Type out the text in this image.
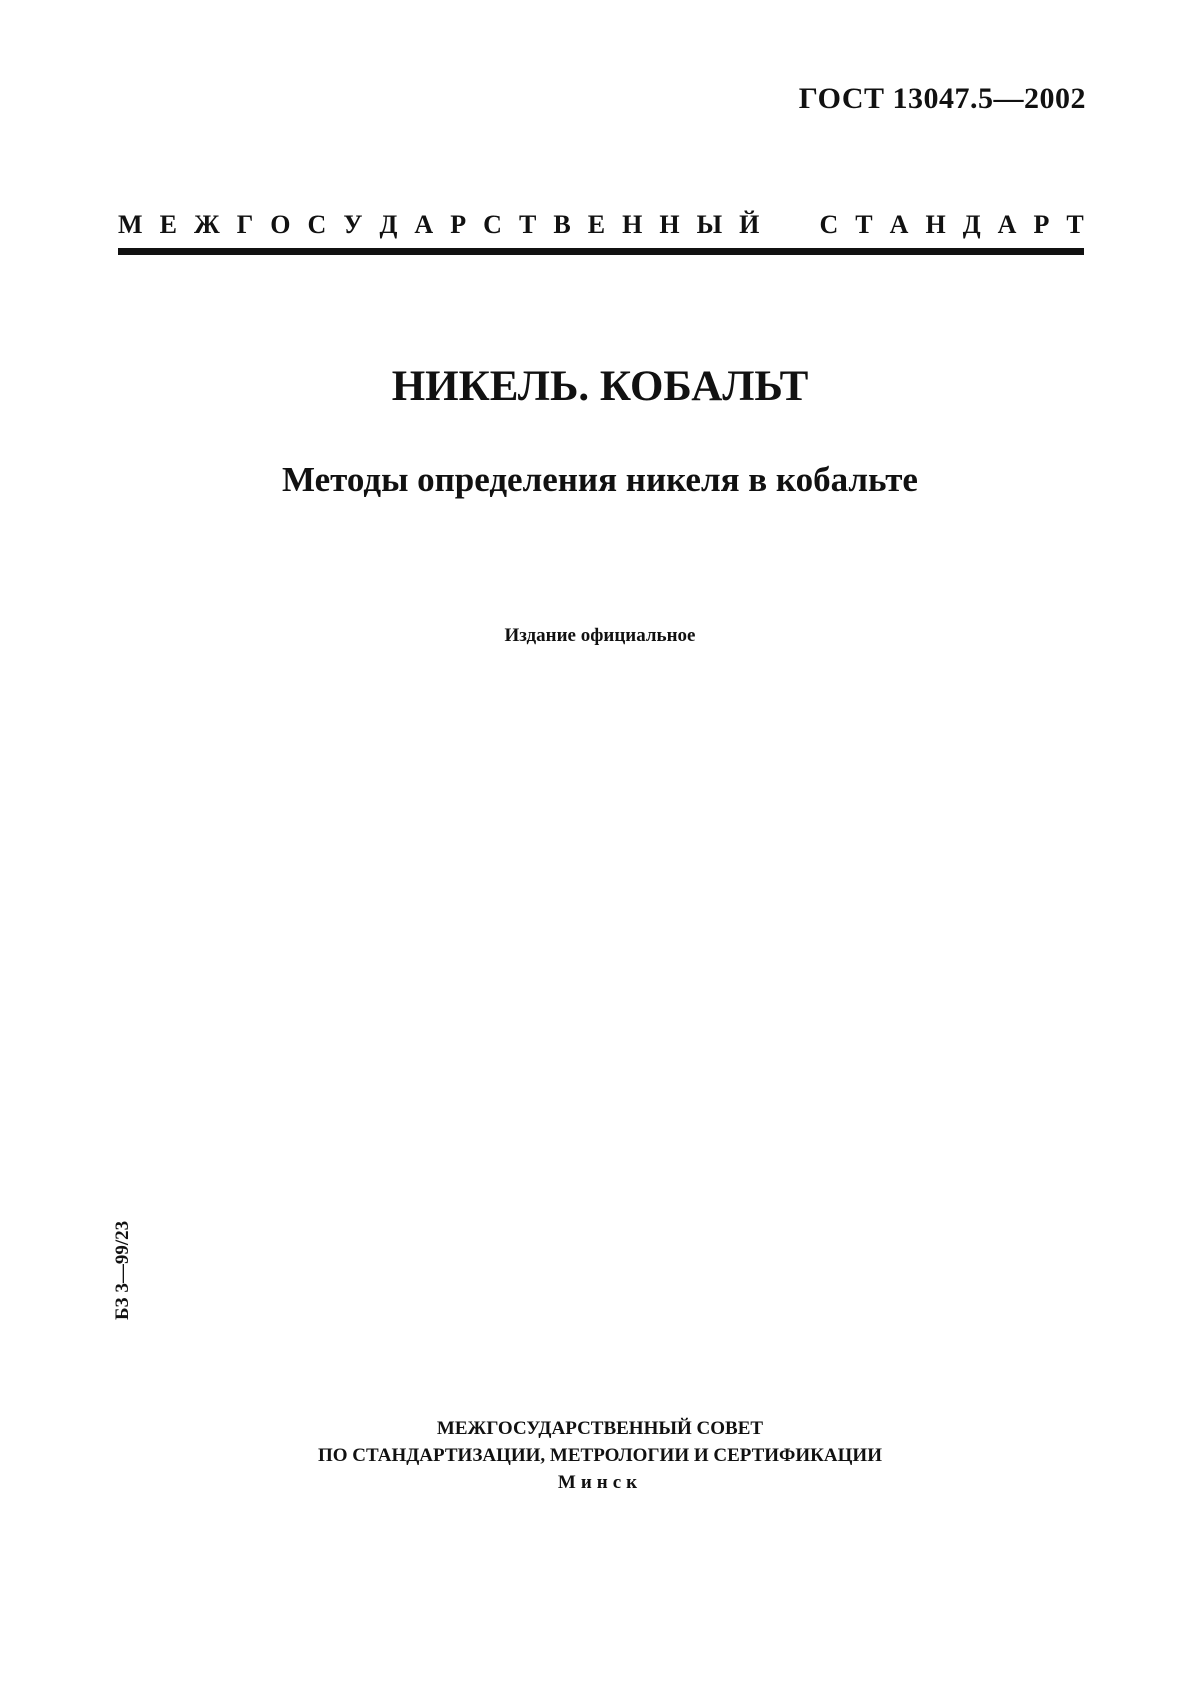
ГОСТ 13047.5—2002
М Е Ж Г О С У Д А Р С Т В Е Н Н Ы Й С Т А Н Д А Р Т
НИКЕЛЬ. КОБАЛЬТ
Методы определения никеля в кобальте
Издание официальное
БЗ 3—99/23
МЕЖГОСУДАРСТВЕННЫЙ СОВЕТ
ПО СТАНДАРТИЗАЦИИ, МЕТРОЛОГИИ И СЕРТИФИКАЦИИ
Минск
